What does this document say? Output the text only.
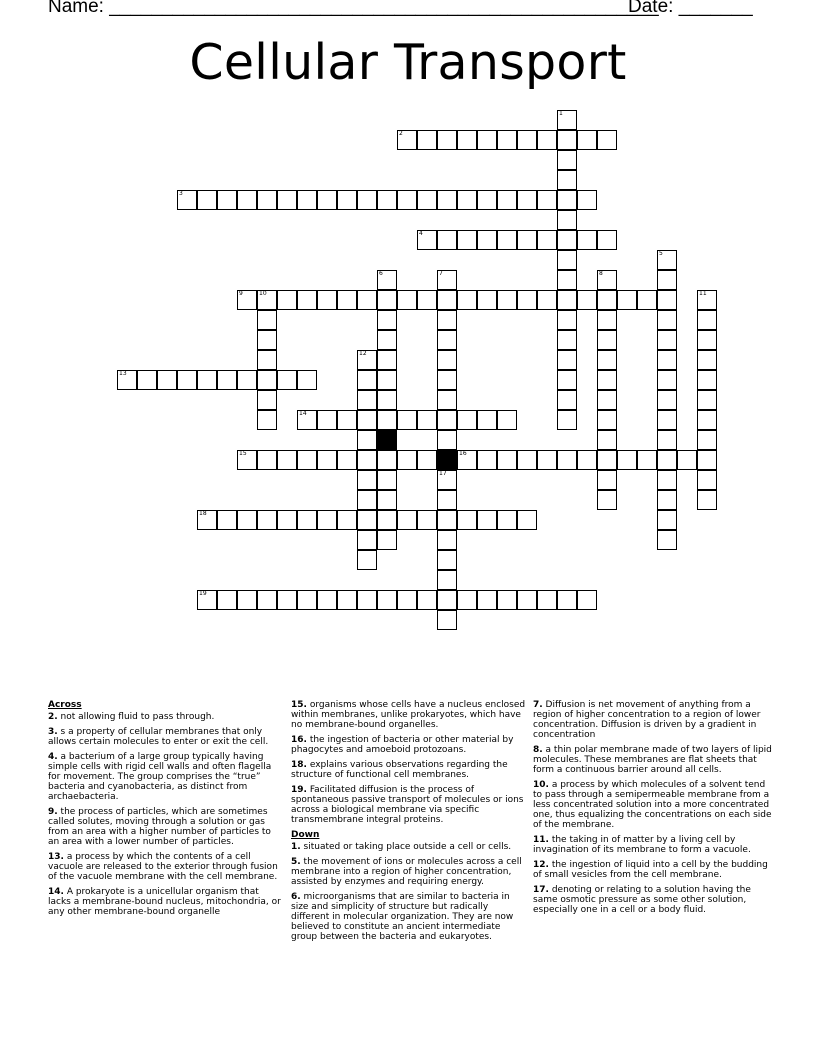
Name: ____________________________________________________
Date: _______
Cellular Transport
1
2
3
4
5
6	7	8
9	10	11
12
13
14
15	16
17
18
19
Across
2. not allowing fluid to pass through.
3. s a property of cellular membranes that only allows certain molecules to enter or exit the cell.
4. a bacterium of a large group typically having simple cells with rigid cell walls and often flagella for movement. The group comprises the “true” bacteria and cyanobacteria, as distinct from archaebacteria.
9. the process of particles, which are sometimes called solutes, moving through a solution or gas from an area with a higher number of particles to an area with a lower number of particles.
13. a process by which the contents of a cell vacuole are released to the exterior through fusion of the vacuole membrane with the cell membrane.
14. A prokaryote is a unicellular organism that lacks a membrane-bound nucleus, mitochondria, or any other membrane-bound organelle
15. organisms whose cells have a nucleus enclosed within membranes, unlike prokaryotes, which have no membrane-bound organelles.
16. the ingestion of bacteria or other material by phagocytes and amoeboid protozoans.
18. explains various observations regarding the structure of functional cell membranes.
19. Facilitated diffusion is the process of spontaneous passive transport of molecules or ions across a biological membrane via specific transmembrane integral proteins.
Down
1. situated or taking place outside a cell or cells.
5. the movement of ions or molecules across a cell membrane into a region of higher concentration, assisted by enzymes and requiring energy.
6. microorganisms that are similar to bacteria in size and simplicity of structure but radically different in molecular organization. They are now believed to constitute an ancient intermediate group between the bacteria and eukaryotes.
7. Diffusion is net movement of anything from a region of higher concentration to a region of lower concentration. Diffusion is driven by a gradient in concentration
8. a thin polar membrane made of two layers of lipid molecules. These membranes are flat sheets that form a continuous barrier around all cells.
10. a process by which molecules of a solvent tend to pass through a semipermeable membrane from a less concentrated solution into a more concentrated one, thus equalizing the concentrations on each side of the membrane.
11. the taking in of matter by a living cell by invagination of its membrane to form a vacuole.
12. the ingestion of liquid into a cell by the budding of small vesicles from the cell membrane.
17. denoting or relating to a solution having the same osmotic pressure as some other solution, especially one in a cell or a body fluid.
